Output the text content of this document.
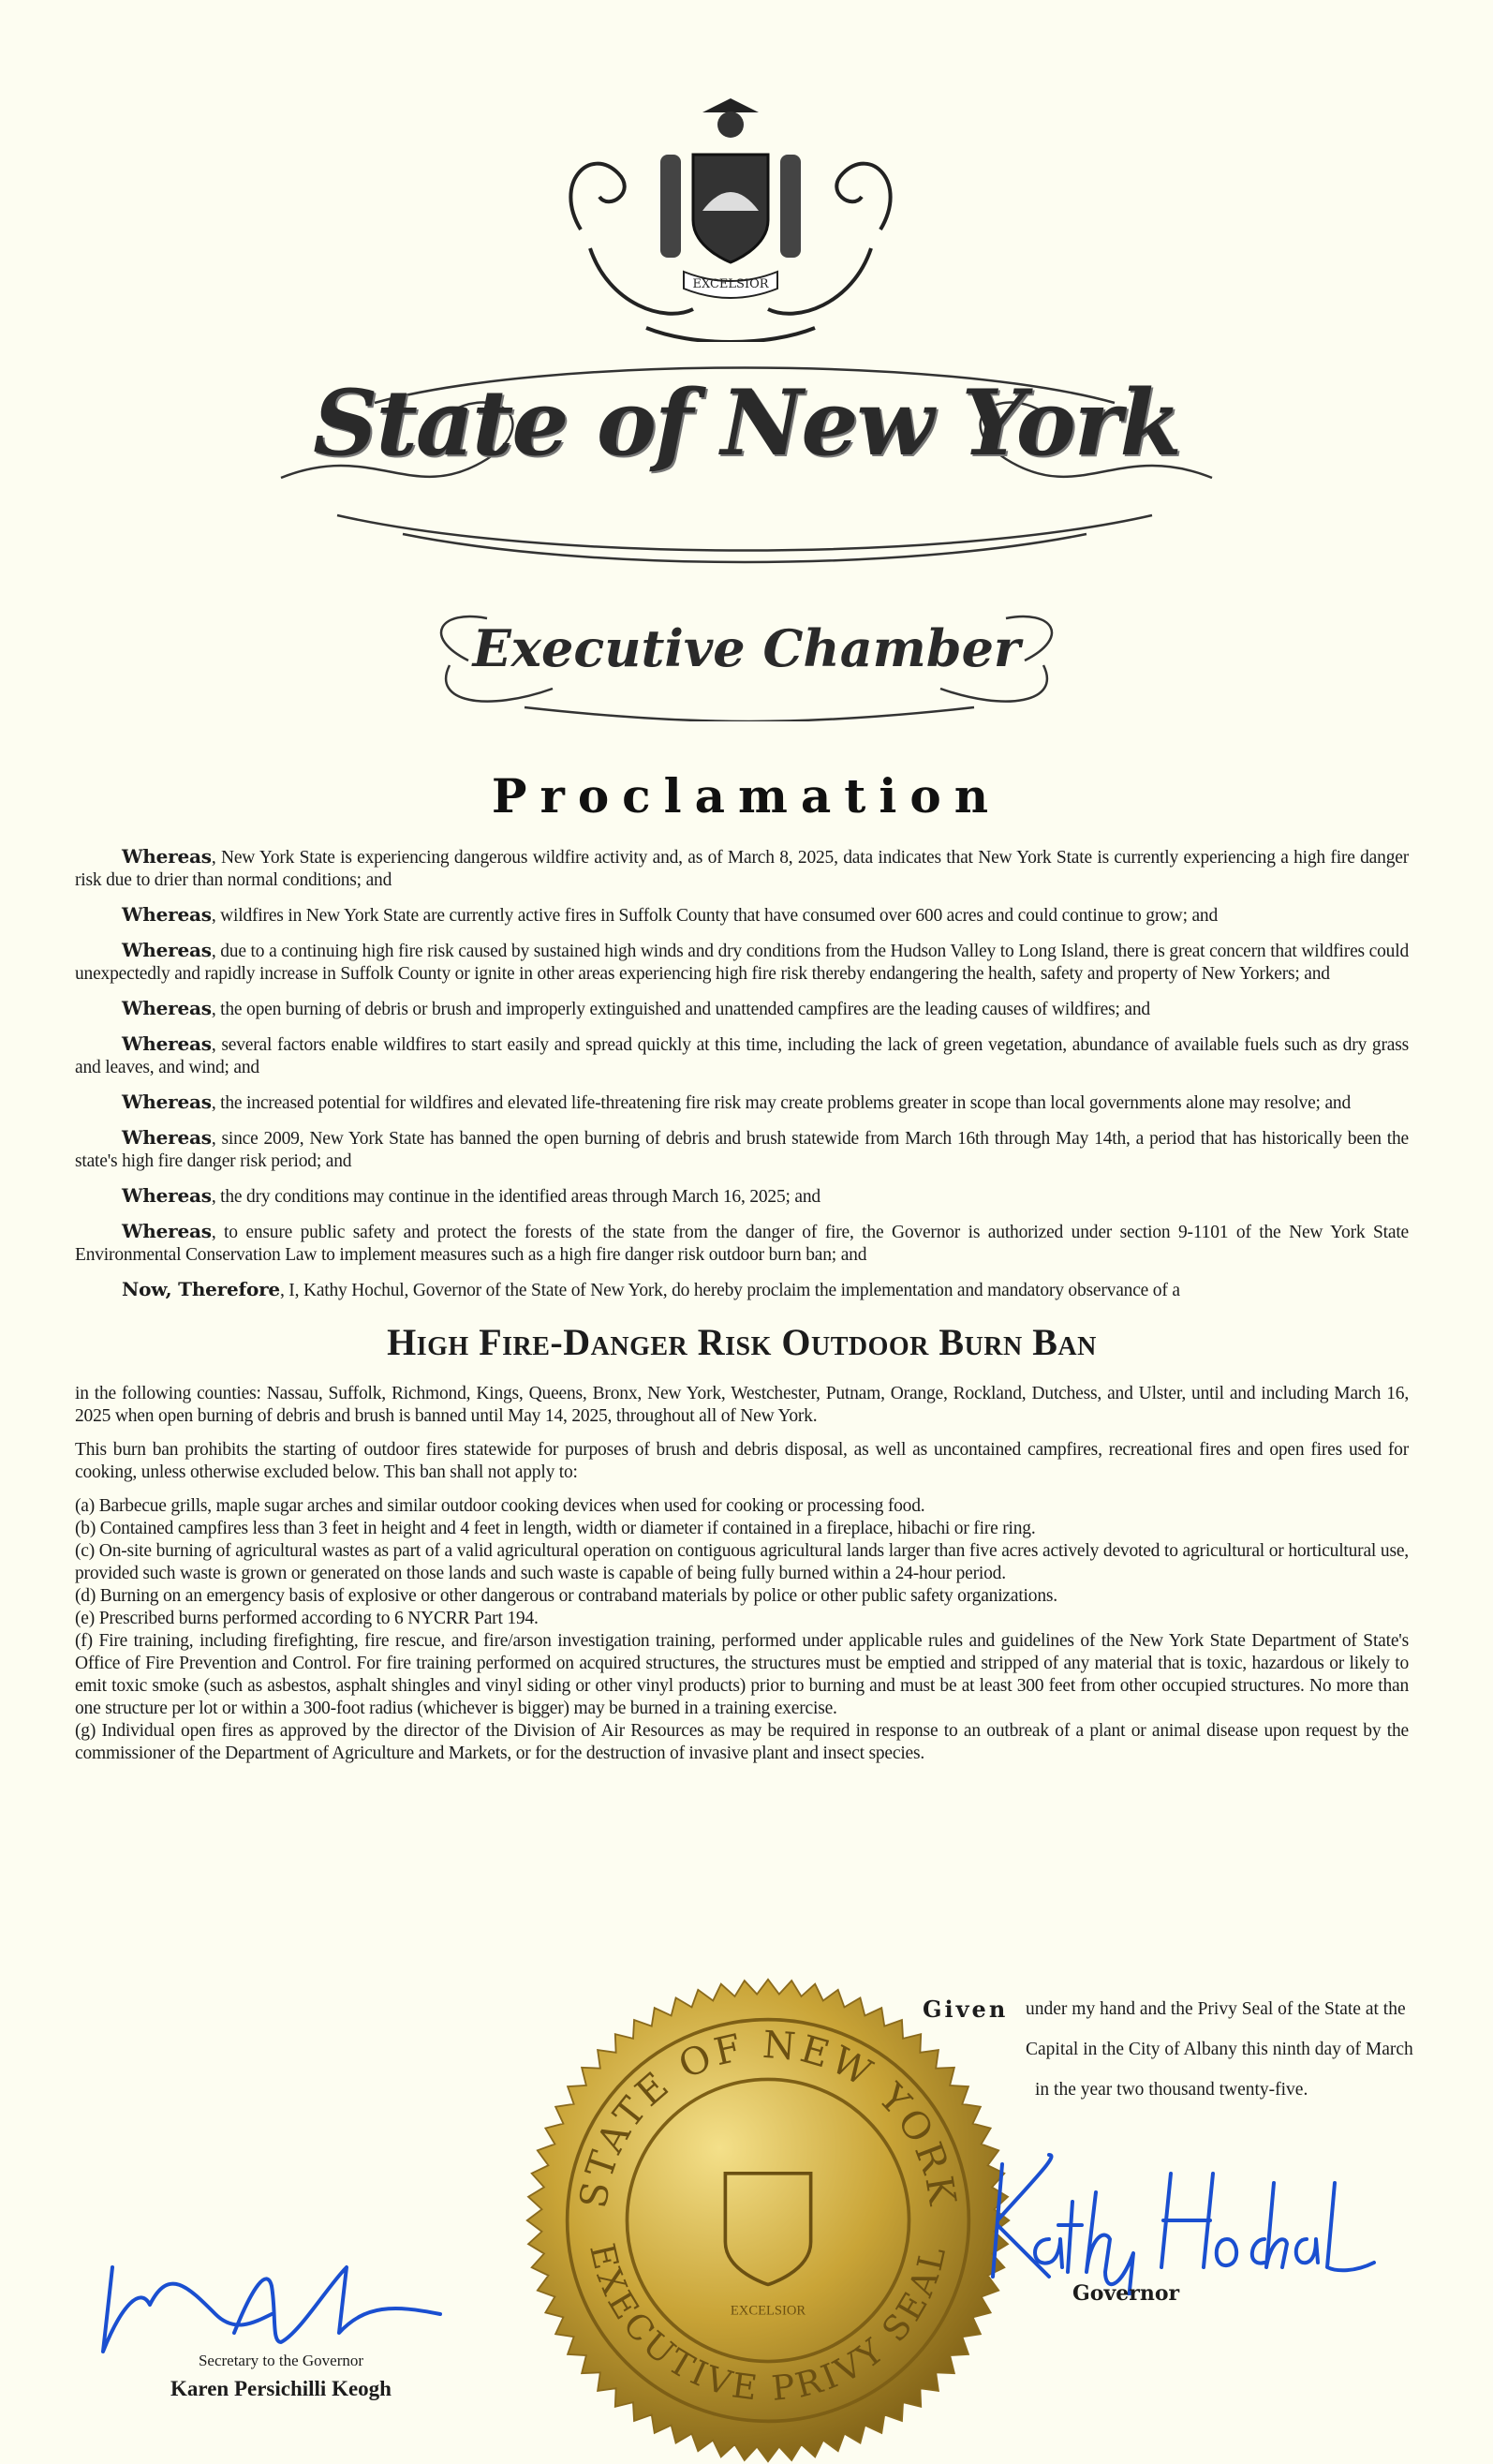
EXCELSIOR
State of New York
Executive Chamber
Proclamation

Whereas, New York State is experiencing dangerous wildfire activity and, as of March 8, 2025, data indicates that New York State is currently experiencing a high fire danger risk due to drier than normal conditions; and

Whereas, wildfires in New York State are currently active fires in Suffolk County that have consumed over 600 acres and could continue to grow; and

Whereas, due to a continuing high fire risk caused by sustained high winds and dry conditions from the Hudson Valley to Long Island, there is great concern that wildfires could unexpectedly and rapidly increase in Suffolk County or ignite in other areas experiencing high fire risk thereby endangering the health, safety and property of New Yorkers; and

Whereas, the open burning of debris or brush and improperly extinguished and unattended campfires are the leading causes of wildfires; and

Whereas, several factors enable wildfires to start easily and spread quickly at this time, including the lack of green vegetation, abundance of available fuels such as dry grass and leaves, and wind; and

Whereas, the increased potential for wildfires and elevated life-threatening fire risk may create problems greater in scope than local governments alone may resolve; and

Whereas, since 2009, New York State has banned the open burning of debris and brush statewide from March 16th through May 14th, a period that has historically been the state's high fire danger risk period; and

Whereas, the dry conditions may continue in the identified areas through March 16, 2025; and

Whereas, to ensure public safety and protect the forests of the state from the danger of fire, the Governor is authorized under section 9-1101 of the New York State Environmental Conservation Law to implement measures such as a high fire danger risk outdoor burn ban; and

Now, Therefore, I, Kathy Hochul, Governor of the State of New York, do hereby proclaim the implementation and mandatory observance of a

High Fire-Danger Risk Outdoor Burn Ban

in the following counties: Nassau, Suffolk, Richmond, Kings, Queens, Bronx, New York, Westchester, Putnam, Orange, Rockland, Dutchess, and Ulster, until and including March 16, 2025 when open burning of debris and brush is banned until May 14, 2025, throughout all of New York.

This burn ban prohibits the starting of outdoor fires statewide for purposes of brush and debris disposal, as well as uncontained campfires, recreational fires and open fires used for cooking, unless otherwise excluded below. This ban shall not apply to:

(a) Barbecue grills, maple sugar arches and similar outdoor cooking devices when used for cooking or processing food.

(b) Contained campfires less than 3 feet in height and 4 feet in length, width or diameter if contained in a fireplace, hibachi or fire ring.

(c) On-site burning of agricultural wastes as part of a valid agricultural operation on contiguous agricultural lands larger than five acres actively devoted to agricultural or horticultural use, provided such waste is grown or generated on those lands and such waste is capable of being fully burned within a 24-hour period.

(d) Burning on an emergency basis of explosive or other dangerous or contraband materials by police or other public safety organizations.

(e) Prescribed burns performed according to 6 NYCRR Part 194.

(f) Fire training, including firefighting, fire rescue, and fire/arson investigation training, performed under applicable rules and guidelines of the New York State Department of State's Office of Fire Prevention and Control. For fire training performed on acquired structures, the structures must be emptied and stripped of any material that is toxic, hazardous or likely to emit toxic smoke (such as asbestos, asphalt shingles and vinyl siding or other vinyl products) prior to burning and must be at least 300 feet from other occupied structures. No more than one structure per lot or within a 300-foot radius (whichever is bigger) may be burned in a training exercise.

(g) Individual open fires as approved by the director of the Division of Air Resources as may be required in response to an outbreak of a plant or animal disease upon request by the commissioner of the Department of Agriculture and Markets, or for the destruction of invasive plant and insect species.

STATE OF NEW YORK
EXECUTIVE PRIVY SEAL
EXCELSIOR
Given under my hand and the Privy Seal of the State at the
Capital in the City of Albany this ninth day of March
in the year two thousand twenty-five.
Governor
Secretary to the Governor
Karen Persichilli Keogh
